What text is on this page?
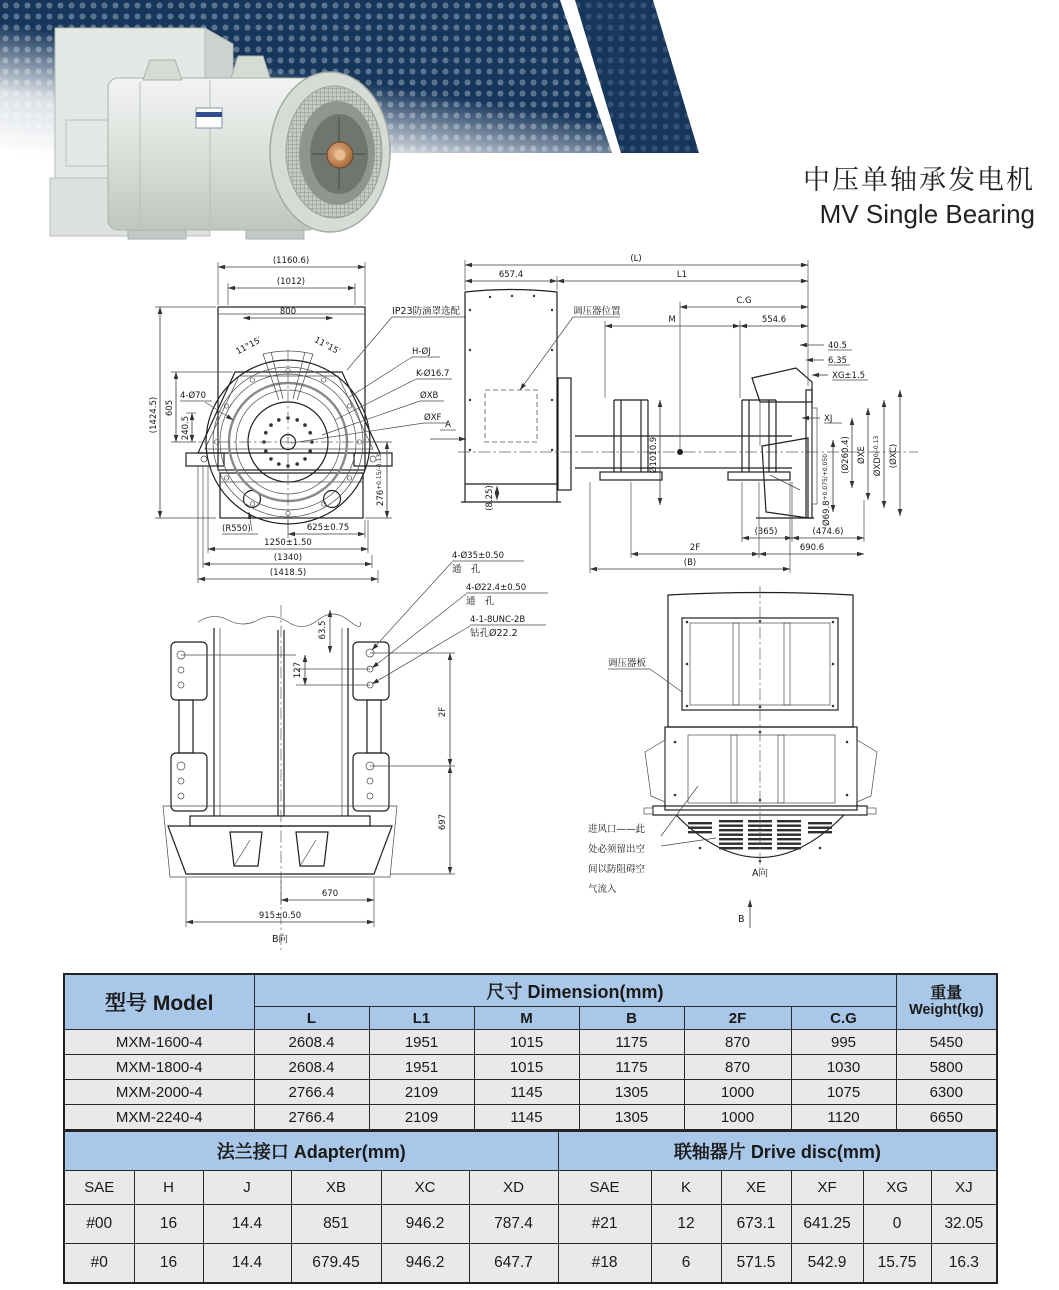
中压单轴承发电机
MV Single Bearing
(1160.6)
(1012)
800
11°15′	11°15′
IP23防滴罩选配
H-ØJ
K-Ø16.7
ØXB
ØXF
A
(1424.5) 605
240.5
4-Ø70
$276^{+0.15/-0.13}$
(R550)	625±0.75
1250±1.50
(1340)
(1418.5)
(L)
657.4	L1
C.G
M	554.6
40.5
6.35
XG±1.5
XJ
调压器位置
Ø1010.9
(8.25)
$Ø69.8^{+0.075/+0.050}$	(Ø260.4) ØXE
$ØXD^{0/-0.13}$	(ØXC)
(365)	(474.6)
2F	690.6
(B)
63.5
127
2F
697
670
915±0.50
B向
4-Ø35±0.50
通　孔
4-Ø22.4±0.50
通　孔
4-1-8UNC-2B
钻孔Ø22.2
调压器板
进风口——此
处必须留出空
间以防阻碍空
气流入
A向
B
型号 Model	尺寸 Dimension(mm)						重量
Weight(kg)

	L	L1	M	B	2F	C.G	
MXM-1600-4	2608.4	1951	1015	1175	870	995	5450
MXM-1800-4	2608.4	1951	1015	1175	870	1030	5800
MXM-2000-4	2766.4	2109	1145	1305	1000	1075	6300
MXM-2240-4	2766.4	2109	1145	1305	1000	1120	6650
法兰接口 Adapter(mm)						联轴器片 Drive disc(mm)					
SAE	H	J	XB	XC	XD	SAE	K	XE	XF	XG	XJ
#00	16	14.4	851	946.2	787.4	#21	12	673.1	641.25	0	32.05
#0	16	14.4	679.45	946.2	647.7	#18	6	571.5	542.9	15.75	16.3
